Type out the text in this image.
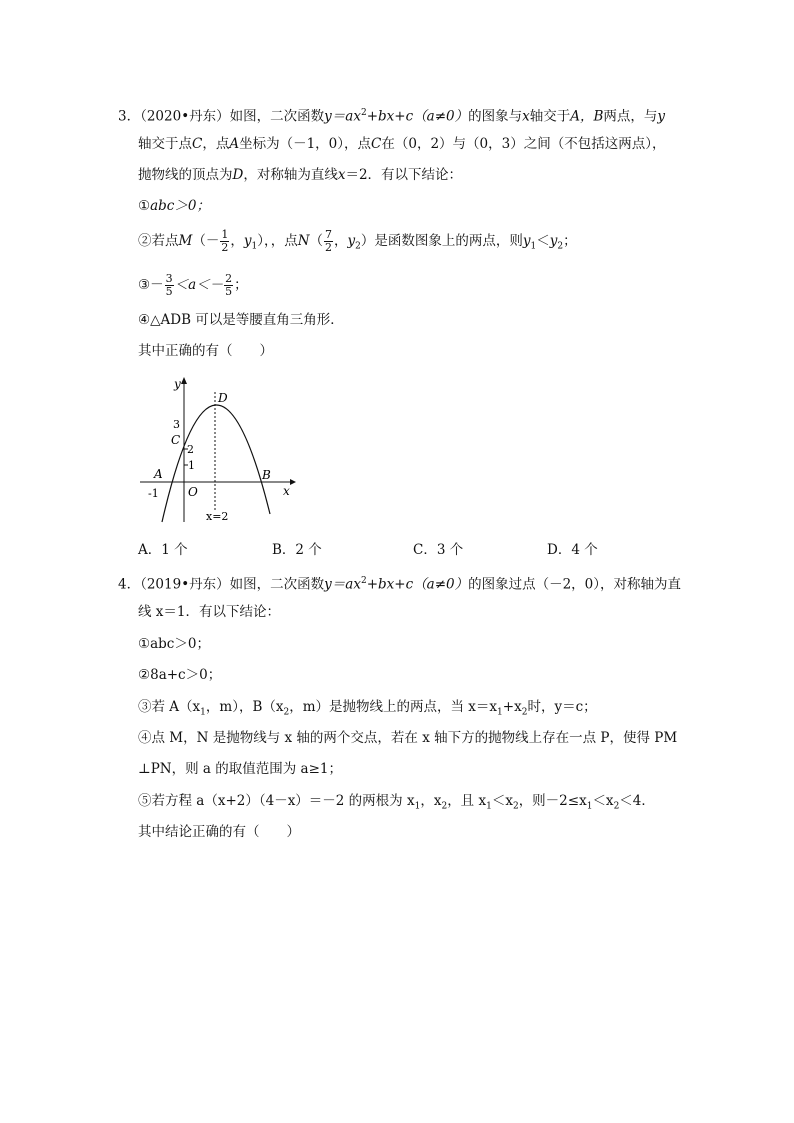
3．（2020•丹东）如图，二次函数$y=ax^2+bx+c(a\ne 0)$的图象与x轴交于A，B两点，与y
轴交于点C，点A坐标为（－1，0），点C在（0，2）与（0，3）之间（不包括这两点），
抛物线的顶点为D，对称轴为直线x＝2．有以下结论：
①abc＞0；
②若点$M(- \frac{1}{2}$ ，$y_1$），，点$N( \frac{7}{2}$ ，$y_2$）是函数图象上的两点，则$y_1<y_2$；
③－ $\frac{3}{5} <a<- \frac{2}{5}$ ；
④△ADB 可以是等腰直角三角形．
其中正确的有（　　）
y
x
D
3
C
2
1
A	B
-1 O
x=2
A．1 个	B．2 个	C．3 个	D．4 个
4．（2019•丹东）如图，二次函数$y=ax^2+bx+c(a\ne 0)$的图象过点（－2，0），对称轴为直
线 x＝1．有以下结论：
①abc＞0；
②8a+c＞0；
③若 $A(x_1$，m），$B(x_2$，m）是抛物线上的两点，当 $x=x_1+x_2$时，y＝c；
④点 M，N 是抛物线与 x 轴的两个交点，若在 x 轴下方的抛物线上存在一点 P，使得 PM
⊥PN，则 a 的取值范围为 a≥1；
⑤若方程 a（x+2）（4－x）＝－2 的两根为 $x_1$，$x_2$，且 $x_1<x_2$，则$-2\le x_1<x_2<4$．
其中结论正确的有（　　）
